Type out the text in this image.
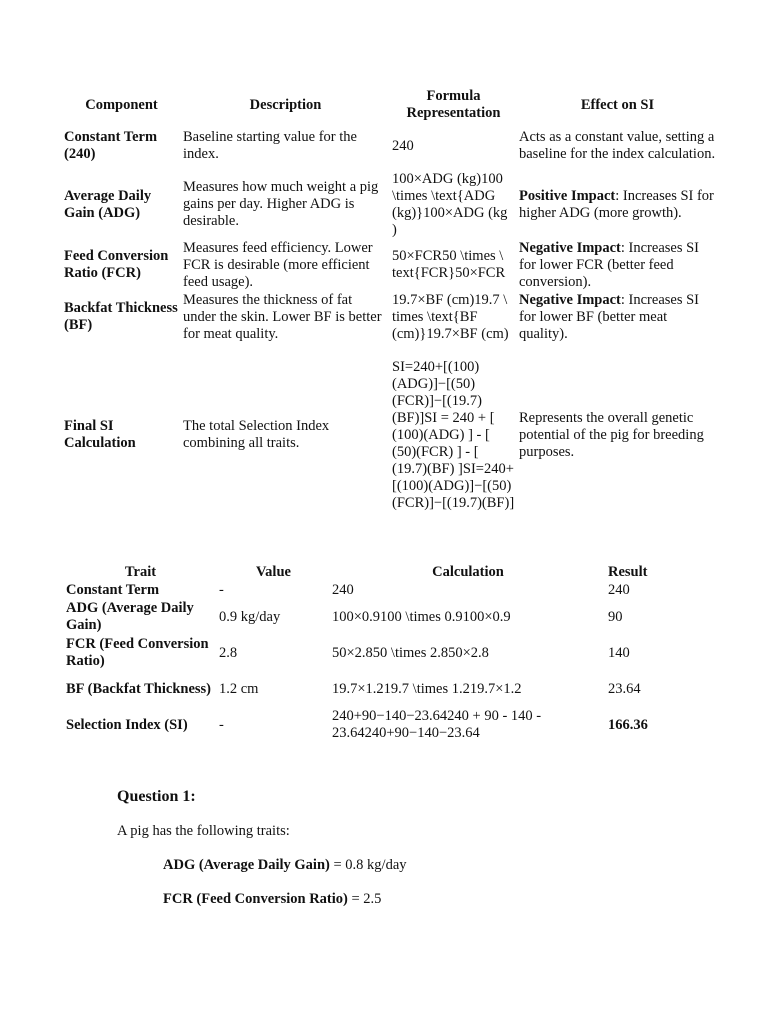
Component	Description	Formula Representation	Effect on SI
Constant Term (240)	Baseline starting value for the index.	240	Acts as a constant value, setting a baseline for the index calculation.
Average Daily Gain (ADG)	Measures how much weight a pig gains per day. Higher ADG is desirable.	100×ADG (kg)100 \times \text{ADG (kg)}100×ADG (kg )	Positive Impact: Increases SI for higher ADG (more growth).
Feed Conversion Ratio (FCR)	Measures feed efficiency. Lower FCR is desirable (more efficient feed usage).	50×FCR50 \times \ text{FCR}50×FCR	Negative Impact: Increases SI for lower FCR (better feed conversion).
Backfat Thickness (BF)	Measures the thickness of fat under the skin. Lower BF is better for meat quality.	19.7×BF (cm)19.7 \ times \text{BF (cm)}19.7×BF (cm)	Negative Impact: Increases SI for lower BF (better meat quality).
Final SI Calculation	The total Selection Index combining all traits.	SI=240+[(100)(ADG)]−[(50)(FCR)]−[(19.7)(BF)]SI = 240 + [ (100)(ADG) ] - [ (50)(FCR) ] - [ (19.7)(BF) ]SI=240+[(100)(ADG)]−[(50)(FCR)]−[(19.7)(BF)]	Represents the overall genetic potential of the pig for breeding purposes.
Trait	Value	Calculation	Result
Constant Term	-	240	240
ADG (Average Daily Gain)	0.9 kg/day	100×0.9100 \times 0.9100×0.9	90
FCR (Feed Conversion Ratio)	2.8	50×2.850 \times 2.850×2.8	140
BF (Backfat Thickness)	1.2 cm	19.7×1.219.7 \times 1.219.7×1.2	23.64
Selection Index (SI)	-	240+90−140−23.64240 + 90 - 140 - 23.64240+90−140−23.64	166.36
Question 1:
A pig has the following traits:
ADG (Average Daily Gain) = 0.8 kg/day
FCR (Feed Conversion Ratio) = 2.5
